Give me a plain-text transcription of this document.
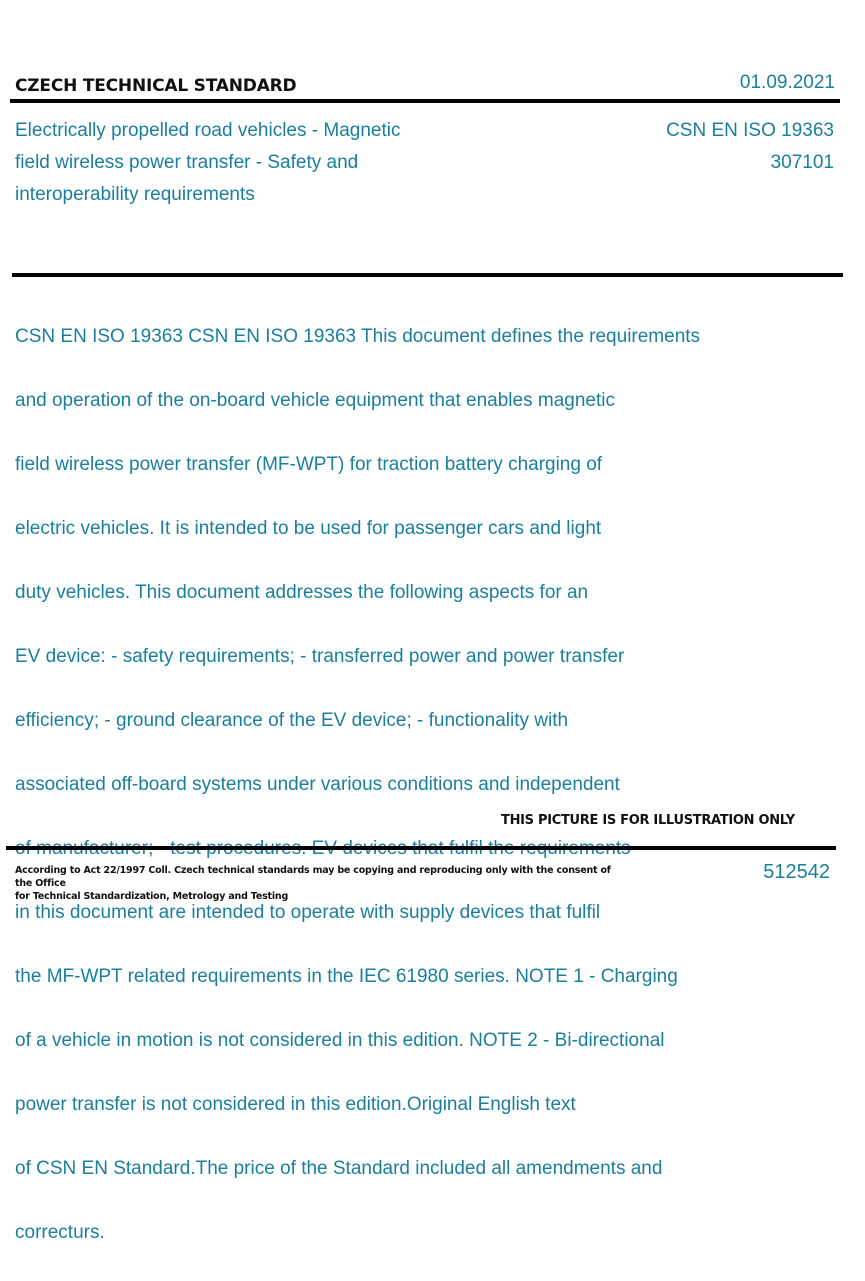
CZECH TECHNICAL STANDARD	01.09.2021
Electrically propelled road vehicles - Magnetic
field wireless power transfer - Safety and
interoperability requirements
CSN EN ISO 19363
307101

CSN EN ISO 19363 CSN EN ISO 19363 This document defines the requirements

and operation of the on-board vehicle equipment that enables magnetic

field wireless power transfer (MF-WPT) for traction battery charging of

electric vehicles. It is intended to be used for passenger cars and light

duty vehicles. This document addresses the following aspects for an

EV device: - safety requirements; - transferred power and power transfer

efficiency; - ground clearance of the EV device; - functionality with

associated off-board systems under various conditions and independent

in this document are intended to operate with supply devices that fulfil

the MF-WPT related requirements in the IEC 61980 series. NOTE 1 - Charging

of a vehicle in motion is not considered in this edition. NOTE 2 - Bi-directional

power transfer is not considered in this edition.Original English text

of CSN EN Standard.The price of the Standard included all amendments and

correcturs.

THIS PICTURE IS FOR ILLUSTRATION ONLY
According to Act 22/1997 Coll. Czech technical standards may be copying and reproducing only with the consent of the Office
for Technical Standardization, Metrology and Testing
512542
